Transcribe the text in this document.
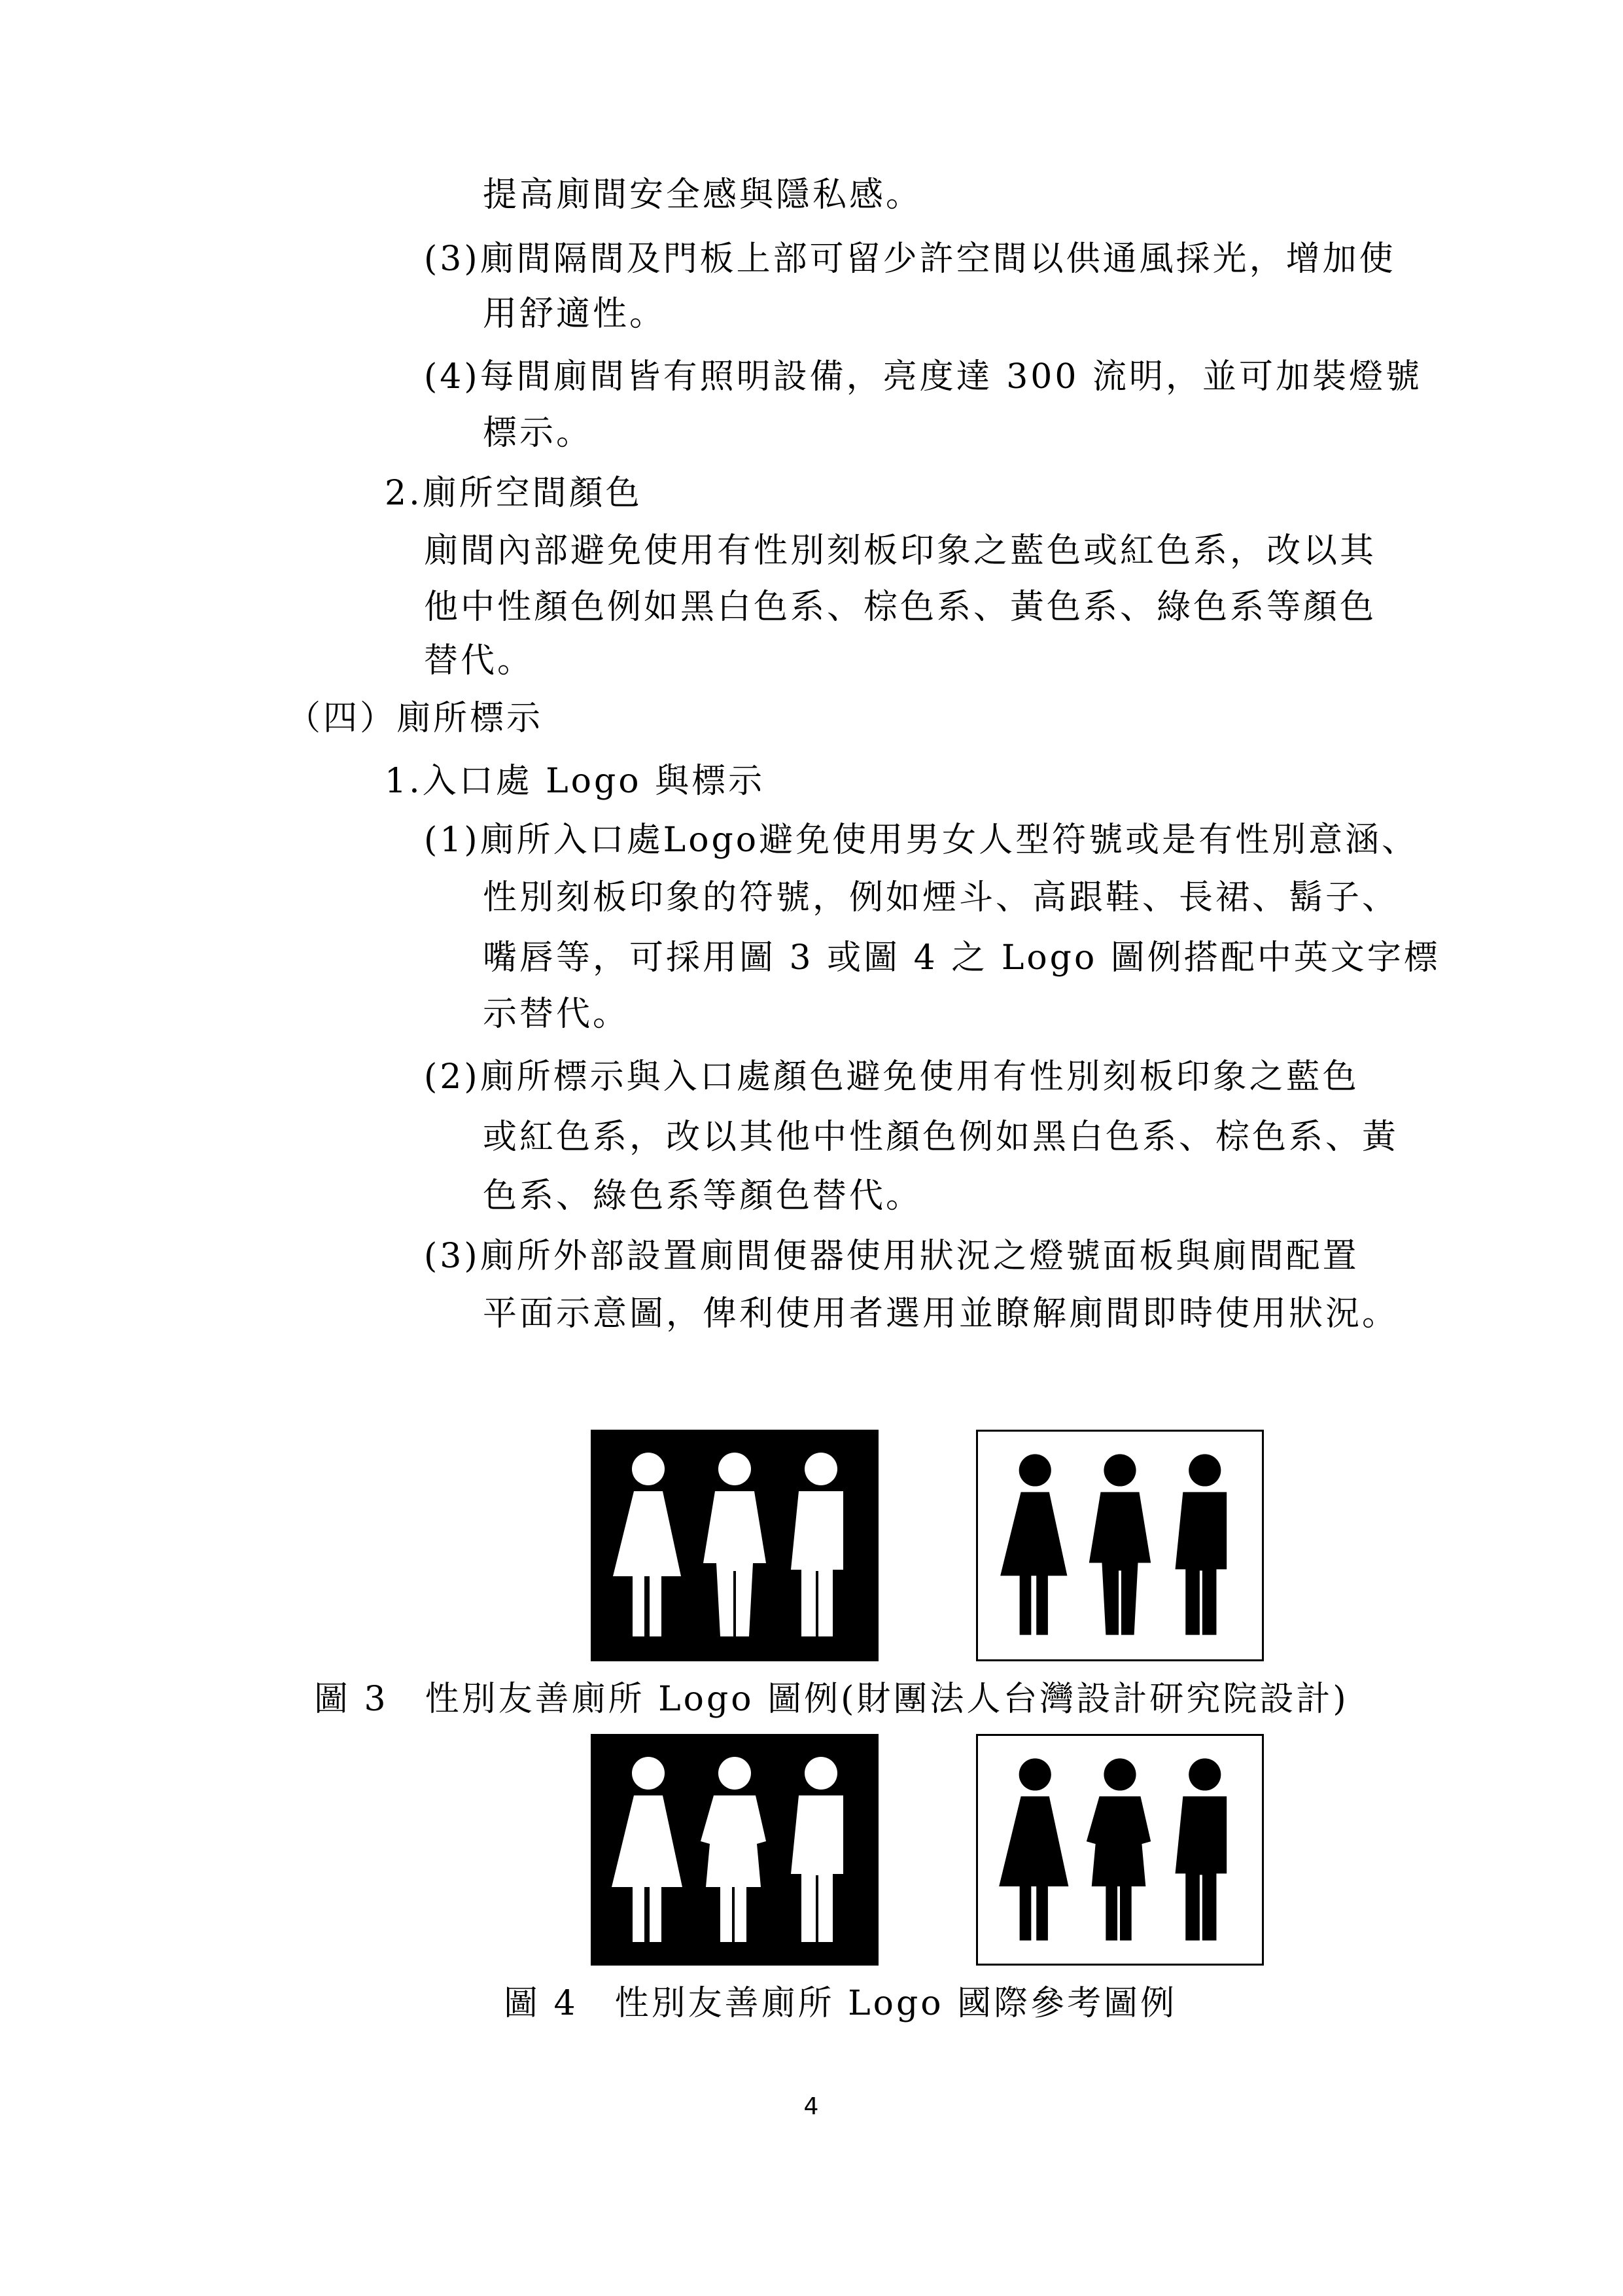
提高廁間安全感與隱私感。
(3)廁間隔間及門板上部可留少許空間以供通風採光，增加使
用舒適性。
(4)每間廁間皆有照明設備，亮度達 300 流明，並可加裝燈號
標示。
2.廁所空間顏色
廁間內部避免使用有性別刻板印象之藍色或紅色系，改以其
他中性顏色例如黑白色系、棕色系、黃色系、綠色系等顏色
替代。
（四）廁所標示
1.入口處 Logo 與標示
(1)廁所入口處Logo避免使用男女人型符號或是有性別意涵、
性別刻板印象的符號，例如煙斗、高跟鞋、長裙、鬍子、
嘴唇等，可採用圖 3 或圖 4 之 Logo 圖例搭配中英文字標
示替代。
(2)廁所標示與入口處顏色避免使用有性別刻板印象之藍色
或紅色系，改以其他中性顏色例如黑白色系、棕色系、黃
色系、綠色系等顏色替代。
(3)廁所外部設置廁間便器使用狀況之燈號面板與廁間配置
平面示意圖，俾利使用者選用並瞭解廁間即時使用狀況。
圖 3　性別友善廁所 Logo 圖例(財團法人台灣設計研究院設計)
圖 4　性別友善廁所 Logo 國際參考圖例
4
